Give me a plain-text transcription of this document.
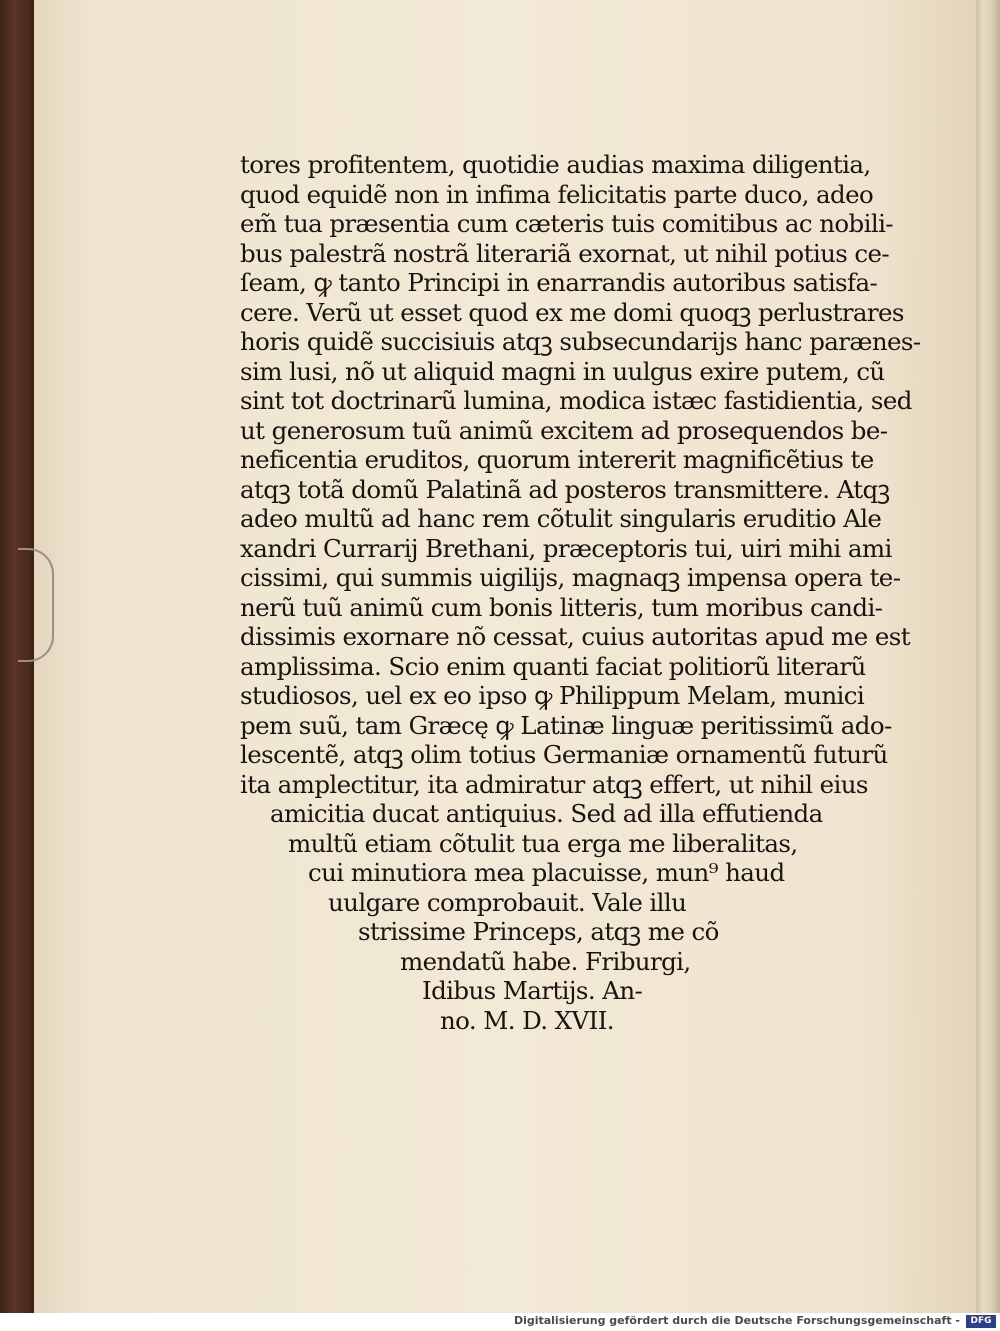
tores profitentem, quotidie audias maxima diligentia,
quod equidẽ non in infima felicitatis parte duco, adeo
em̃ tua præsentia cum cæteris tuis comitibus ac nobili-
bus palestrã nostrã literariã exornat, ut nihil potius ce-
ſeam, ꝙ tanto Principi in enarrandis autoribus satisfa-
cere. Verũ ut esset quod ex me domi quoqꝫ perlustrares
horis quidẽ succisiuis atqꝫ subsecundarijs hanc parænes-
sim lusi, nõ ut aliquid magni in uulgus exire putem, cũ
sint tot doctrinarũ lumina, modica istæc fastidientia, sed
ut generosum tuũ animũ excitem ad prosequendos be-
neficentia eruditos, quorum intererit magnificẽtius te
atqꝫ totã domũ Palatinã ad posteros transmittere. Atqꝫ
adeo multũ ad hanc rem cõtulit singularis eruditio Ale
xandri Currarij Brethani, præceptoris tui, uiri mihi ami
cissimi, qui summis uigilijs, magnaqꝫ impensa opera te-
nerũ tuũ animũ cum bonis litteris, tum moribus candi-
dissimis exornare nõ cessat, cuius autoritas apud me est
amplissima. Scio enim quanti faciat politiorũ literarũ
studiosos, uel ex eo ipso ꝙ Philippum Melam, munici
pem suũ, tam Græcę ꝙ Latinæ linguæ peritissimũ ado-
lescentẽ, atqꝫ olim totius Germaniæ ornamentũ futurũ
ita amplectitur, ita admiratur atqꝫ effert, ut nihil eius
amicitia ducat antiquius. Sed ad illa effutienda
multũ etiam cõtulit tua erga me liberalitas,
cui minutiora mea placuisse, mun⁹ haud
uulgare comprobauit. Vale illu
strissime Princeps, atqꝫ me cõ
mendatũ habe. Friburgi,
Idibus Martijs. An-
no. M. D. XVII.
Digitalisierung gefördert durch die Deutsche Forschungsgemeinschaft -	DFG
